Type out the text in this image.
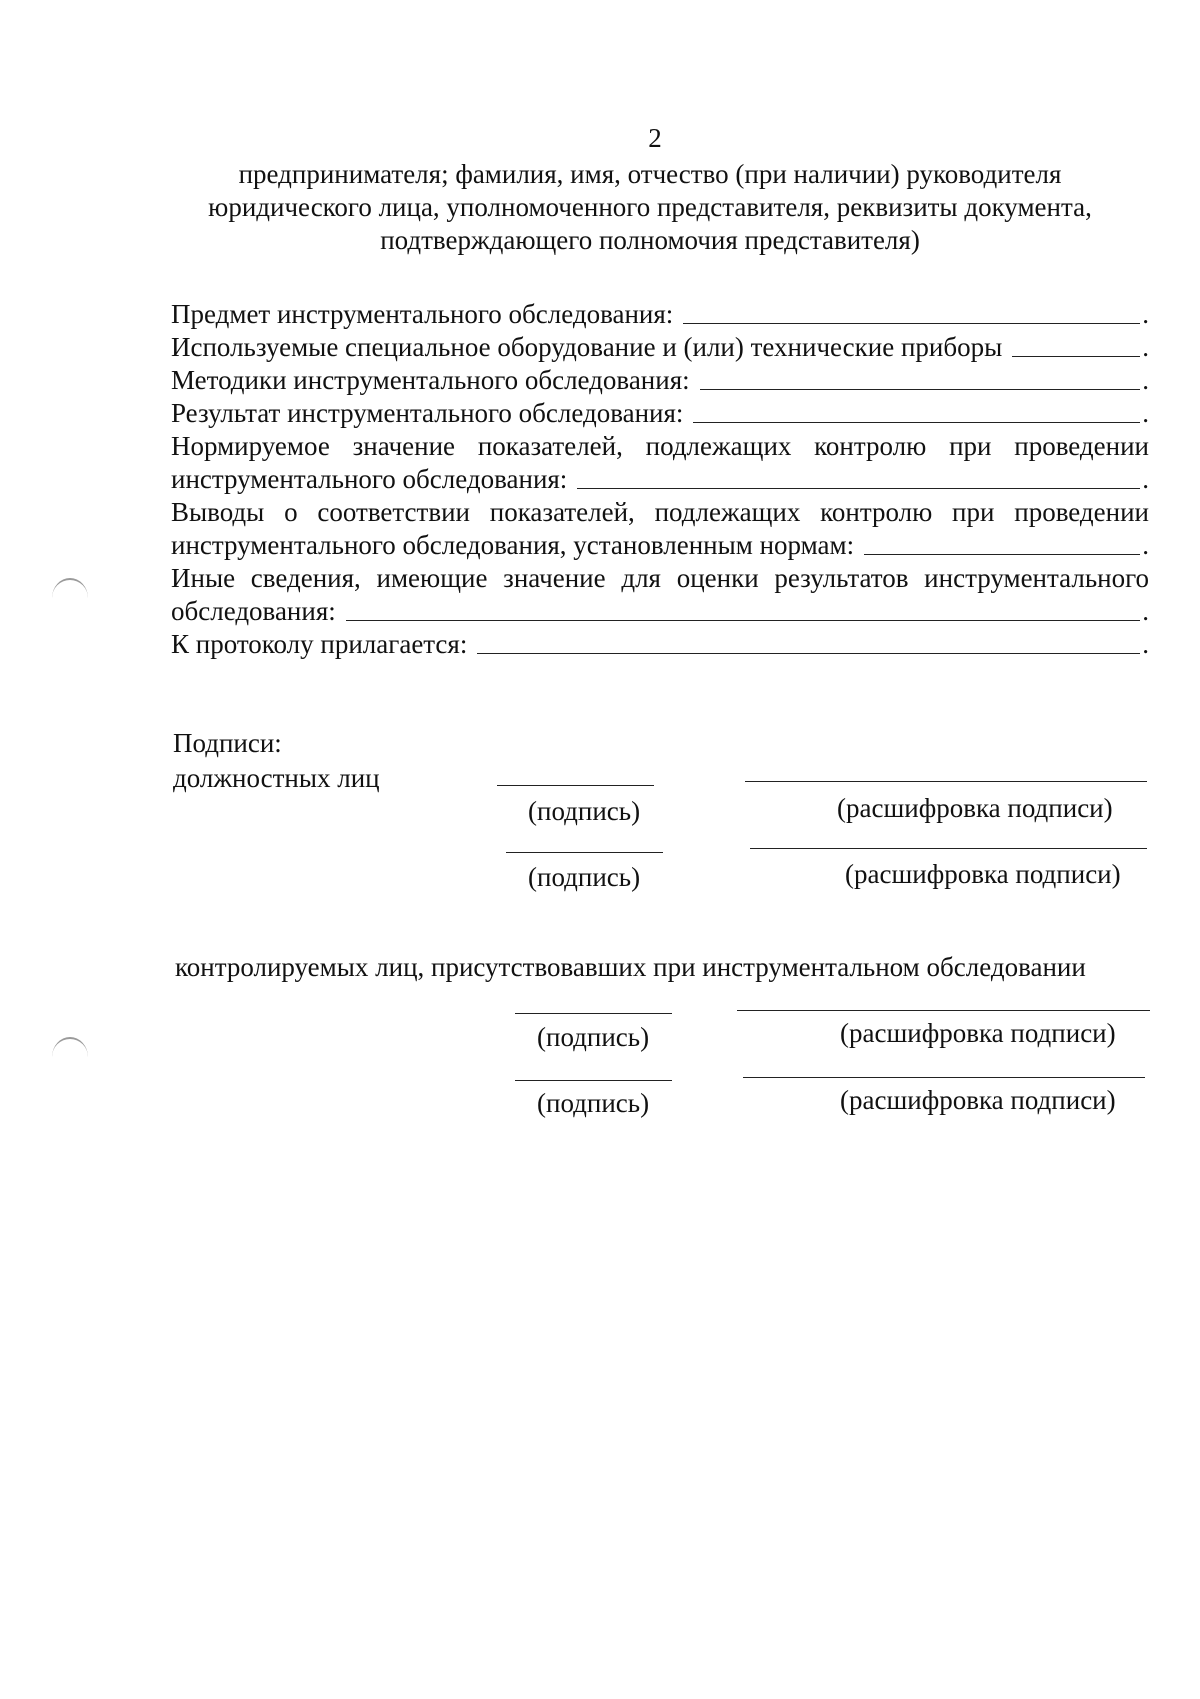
2
предпринимателя; фамилия, имя, отчество (при наличии) руководителя
юридического лица, уполномоченного представителя, реквизиты документа,
подтверждающего полномочия представителя)
Предмет инструментального обследования:	.
Используемые специальное оборудование и (или) технические приборы	.
Методики инструментального обследования:	.
Результат инструментального обследования:	.
Нормируемое значение показателей, подлежащих контролю при проведении
инструментального обследования:	.
Выводы о соответствии показателей, подлежащих контролю при проведении
инструментального обследования, установленным нормам:	.
Иные сведения, имеющие значение для оценки результатов инструментального
обследования:	.
К протоколу прилагается:	.
Подписи:
должностных лиц
(подпись)	(расшифровка подписи)
(подпись)	(расшифровка подписи)
контролируемых лиц, присутствовавших при инструментальном обследовании
(подпись)	(расшифровка подписи)
(подпись)	(расшифровка подписи)
